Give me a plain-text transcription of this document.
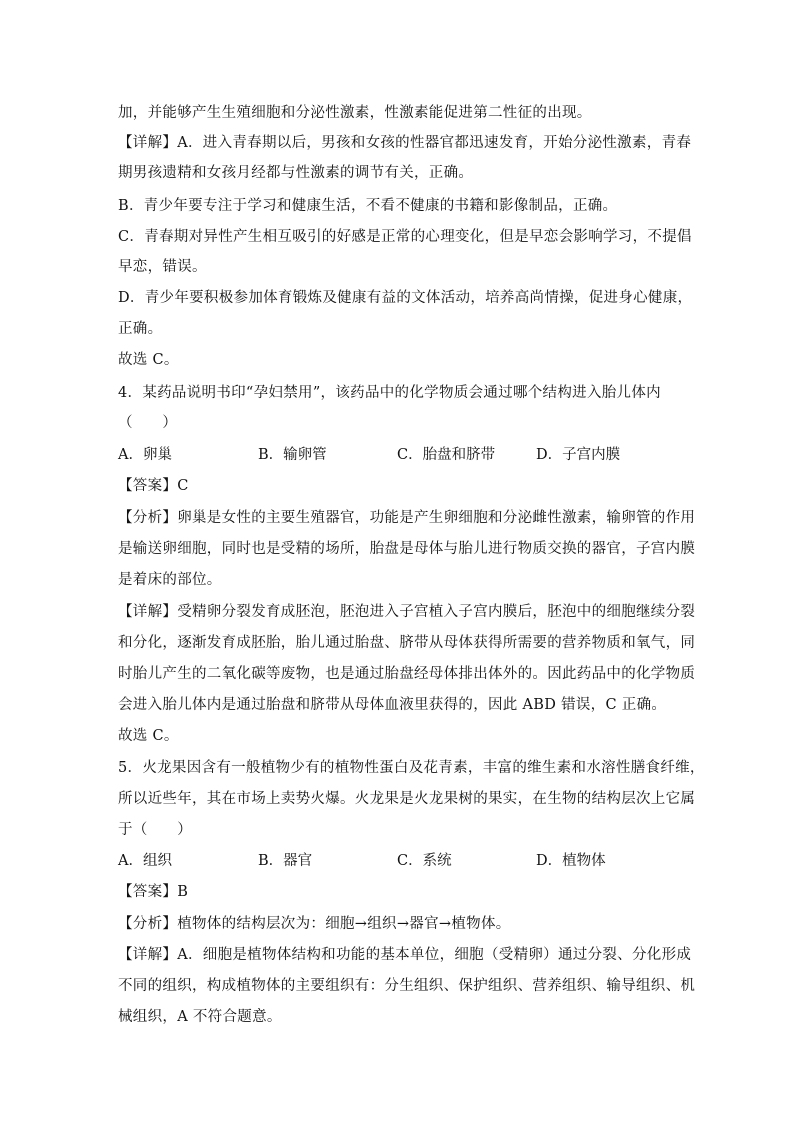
加，并能够产生生殖细胞和分泌性激素，性激素能促进第二性征的出现。
【详解】A．进入青春期以后，男孩和女孩的性器官都迅速发育，开始分泌性激素，青春
期男孩遗精和女孩月经都与性激素的调节有关，正确。
B．青少年要专注于学习和健康生活，不看不健康的书籍和影像制品，正确。
C．青春期对异性产生相互吸引的好感是正常的心理变化，但是早恋会影响学习，不提倡
早恋，错误。
D．青少年要积极参加体育锻炼及健康有益的文体活动，培养高尚情操，促进身心健康，
正确。
故选 C。
4．某药品说明书印“孕妇禁用”，该药品中的化学物质会通过哪个结构进入胎儿体内
（　　）
A．卵巢	B．输卵管	C．胎盘和脐带	D．子宫内膜
【答案】C
【分析】卵巢是女性的主要生殖器官，功能是产生卵细胞和分泌雌性激素，输卵管的作用
是输送卵细胞，同时也是受精的场所，胎盘是母体与胎儿进行物质交换的器官，子宫内膜
是着床的部位。
【详解】受精卵分裂发育成胚泡，胚泡进入子宫植入子宫内膜后，胚泡中的细胞继续分裂
和分化，逐渐发育成胚胎，胎儿通过胎盘、脐带从母体获得所需要的营养物质和氧气，同
时胎儿产生的二氧化碳等废物，也是通过胎盘经母体排出体外的。因此药品中的化学物质
会进入胎儿体内是通过胎盘和脐带从母体血液里获得的，因此 ABD 错误，C 正确。
故选 C。
5．火龙果因含有一般植物少有的植物性蛋白及花青素，丰富的维生素和水溶性膳食纤维，
所以近些年，其在市场上卖势火爆。火龙果是火龙果树的果实，在生物的结构层次上它属
于（　　）
A．组织	B．器官	C．系统	D．植物体
【答案】B
【分析】植物体的结构层次为：细胞→组织→器官→植物体。
【详解】A．细胞是植物体结构和功能的基本单位，细胞（受精卵）通过分裂、分化形成
不同的组织，构成植物体的主要组织有：分生组织、保护组织、营养组织、输导组织、机
械组织，A 不符合题意。
